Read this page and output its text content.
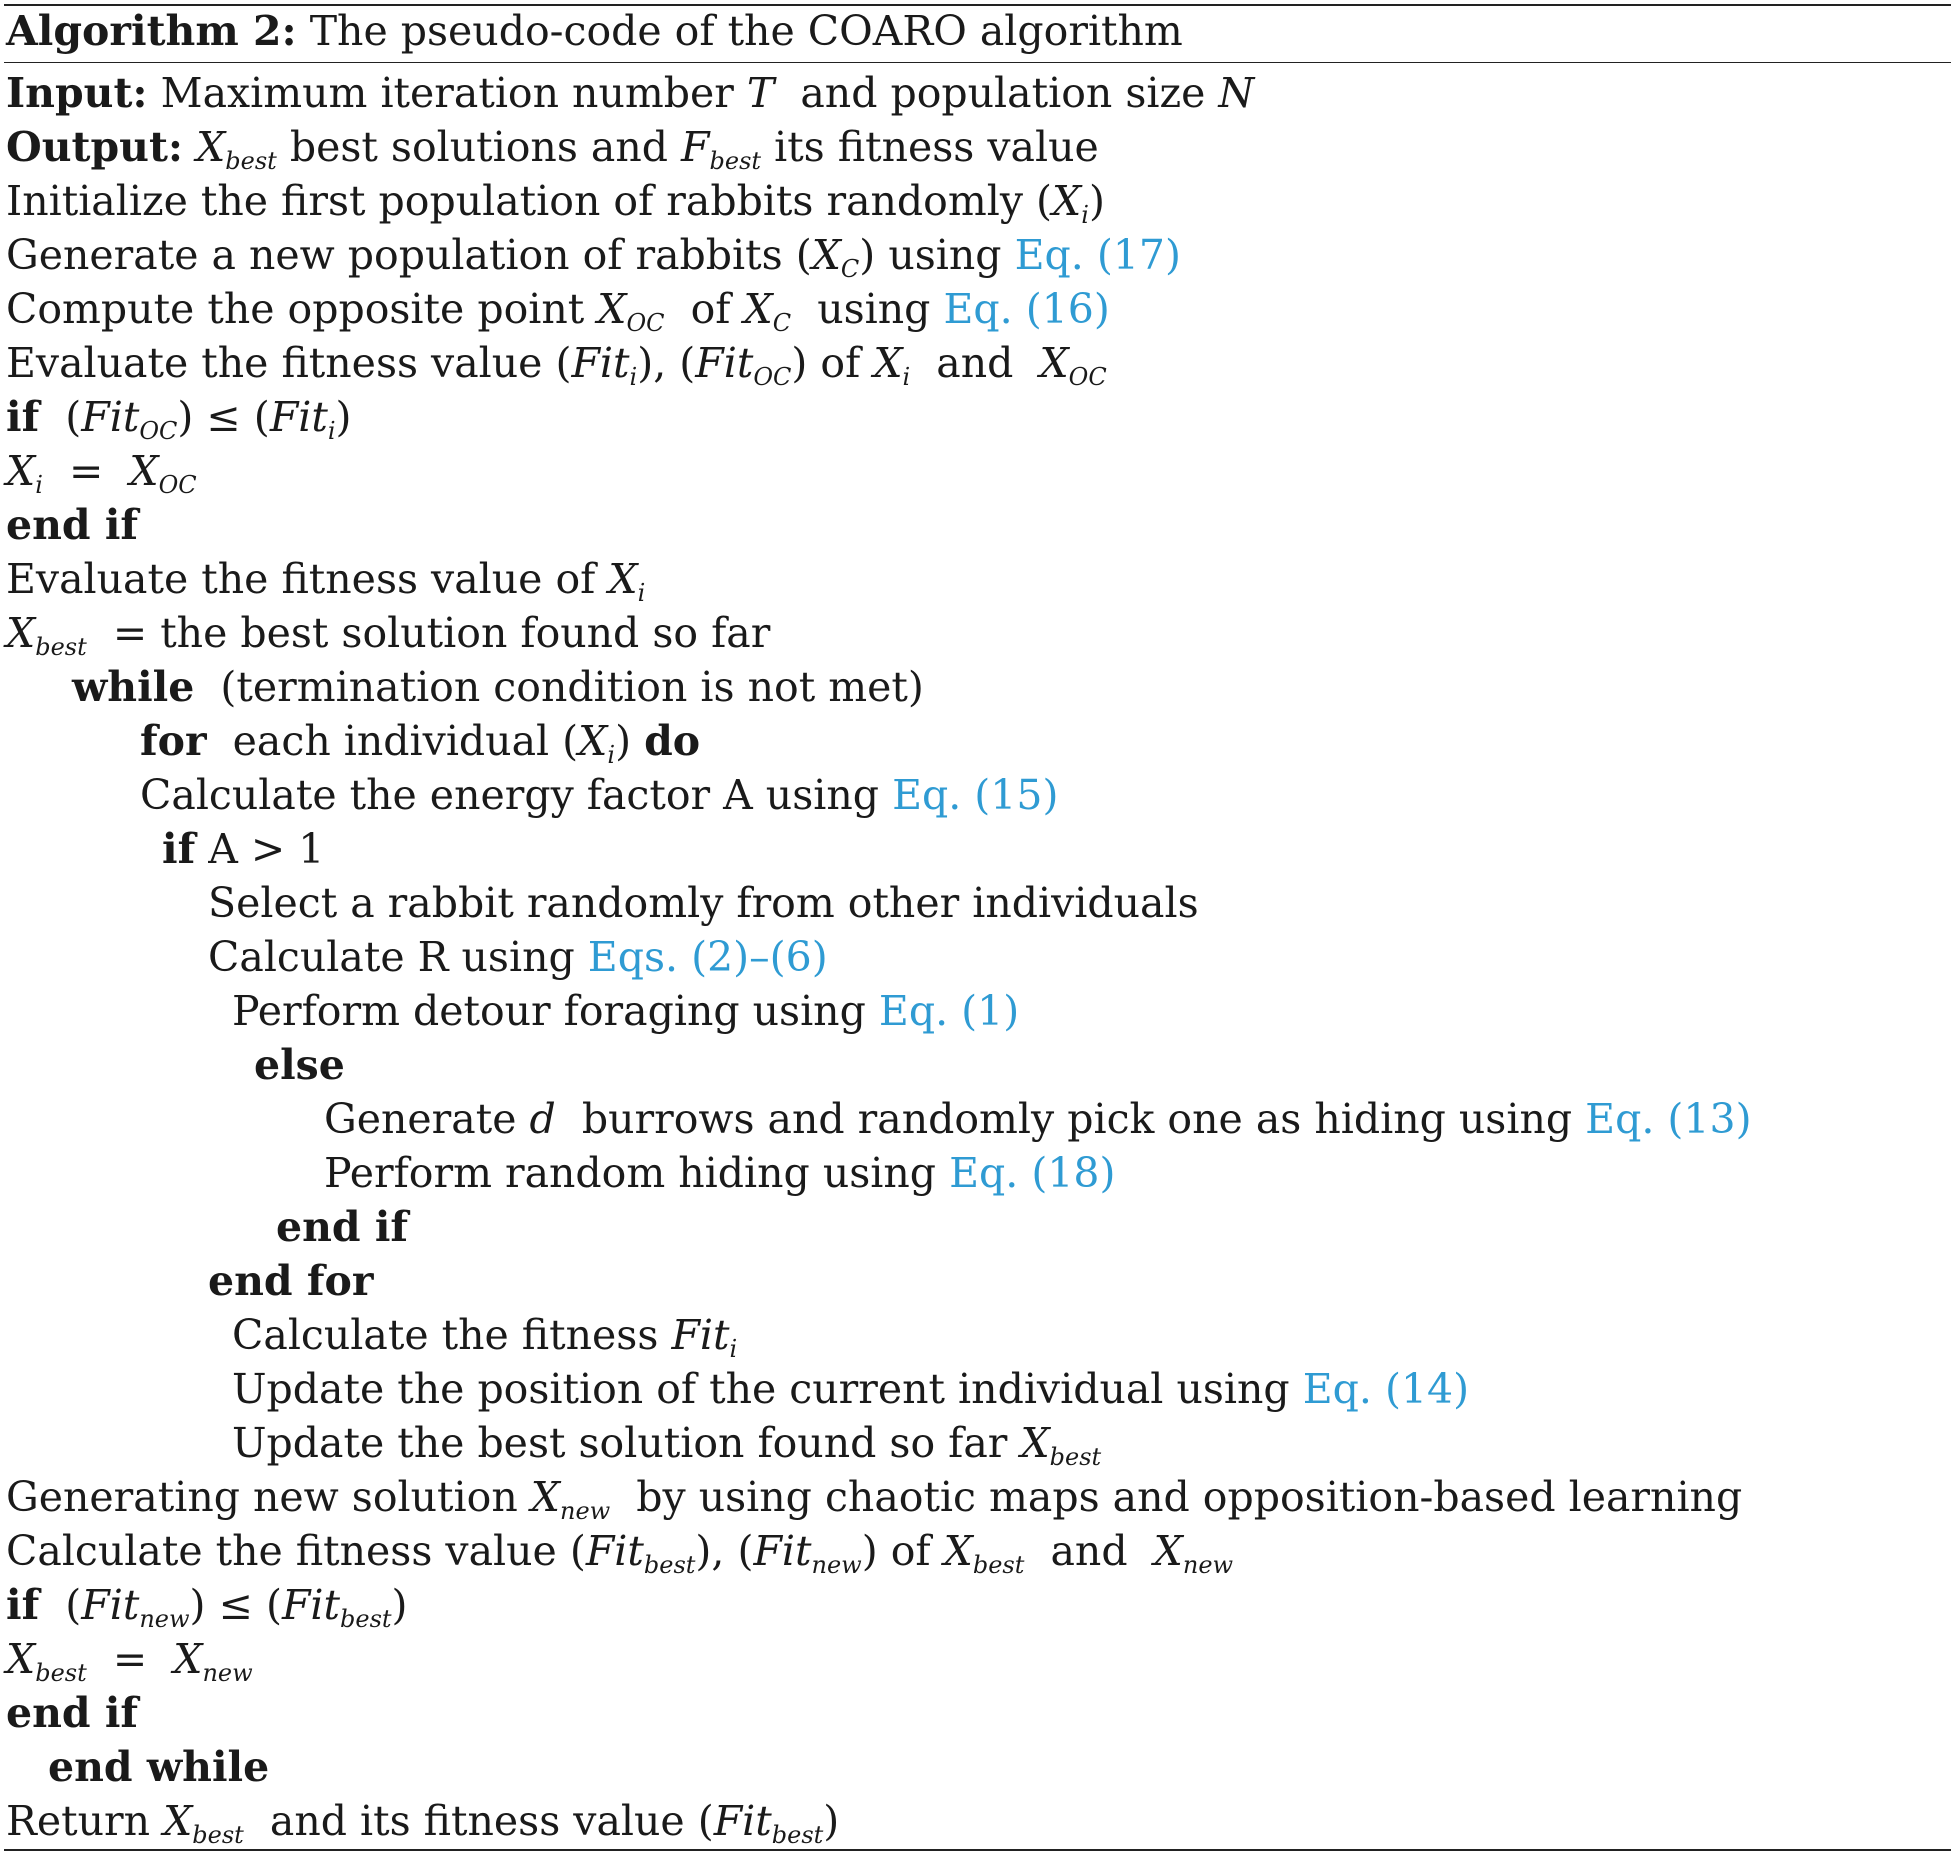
Algorithm 2: The pseudo-code of the COARO algorithm
Input: Maximum iteration number T and population size N
Output: $X_{best}$ best solutions and $F_{best}$ its fitness value
Initialize the first population of rabbits randomly $(X_i)$
Generate a new population of rabbits $(X_C)$ using Eq. (17)
Compute the opposite point $X_{OC}$ of $X_C$ using Eq. (16)
Evaluate the fitness value (Fit$_i$), (Fit$_{OC}$) of $X_i$ and $X_{OC}$
if (Fit$_{OC}$) ≤ (Fit$_i$)
$X_i = X_{OC}$
end if
Evaluate the fitness value of $X_i$
$X_{best}$ = the best solution found so far
while (termination condition is not met)
for each individual $(X_i)$ do
Calculate the energy factor A using Eq. (15)
if A > 1
Select a rabbit randomly from other individuals
Calculate R using Eqs. (2)–(6)
Perform detour foraging using Eq. (1)
else
Generate d burrows and randomly pick one as hiding using Eq. (13)
Perform random hiding using Eq. (18)
end if
end for
Calculate the fitness Fit$_i$
Update the position of the current individual using Eq. (14)
Update the best solution found so far $X_{best}$
Generating new solution $X_{new}$ by using chaotic maps and opposition-based learning
Calculate the fitness value (Fit$_{best}$), (Fit$_{new}$) of $X_{best}$ and $X_{new}$
if (Fit$_{new}$) ≤ (Fit$_{best}$)
$X_{best} = X_{new}$
end if
end while
Return $X_{best}$ and its fitness value (Fit$_{best}$)
